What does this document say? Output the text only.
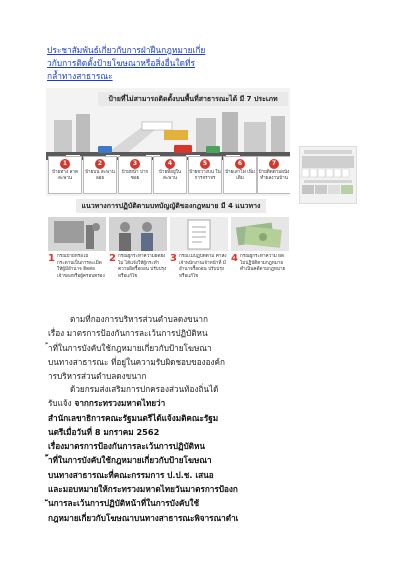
ประชาสัมพันธ์เกี่ยวกับการฝ่าฝืนกฎหมายเกี่ย
วกับการติดตั้งป้ายโฆษณาหรือสิ่งอื่นใดที่ร
กล้ำทางสาธารณะ
ป้ายที่ไม่สามารถติดตั้งบนพื้นที่สาธารณะได้ มี 7 ประเภท
1
ป้ายทาง ลาดสะพาน
2
ป้ายบน สะพานลอย
3
ป้ายหน้า ปากซอย
4
ป้ายที่อยู่ใน สะพาน
5
ป้ายขวางบน ในการจราจร
6
ป้ายเสาไฟ เพิ่มเติม
7
ป้ายติดตามผนัง ทำผลงานบ้าน
แนวทางการปฏิบัติตามบทบัญญัติของกฎหมาย มี 4 แนวทาง
1 กรณีป้ายหรือไม้ กระดานเป็นการละเมิด ให้ผู้มีอำนาจ ติดต่อเจ้าของหรือผู้ครอบครอง
2 กรณีผู้กระทำความผิดยังไม่ ได้แจ้งให้ผู้กระทำความผิดรื้อถอน ปรับปรุงหรือแก้ไข
3 กรณีไม่ปฏิบัติตาม คำสั่ง เจ้าพนักงานเจ้าหน้าที่ มีอำนาจรื้อถอน ปรับปรุงหรือแก้ไข
4 กรณีผู้กระทำความ ผิดไม่ปฏิบัติตามกฎหมาย ดำเนินคดีตามกฎหมาย
ตามที่กองการบริหารส่วนตำบลดงขนาก
เรื่อง มาตรการป้องกันการละเว้นการปฏิบัติหน
้าที่ในการบังคับใช้กฎหมายเกี่ยวกับป้ายโฆษณา
บนทางสาธารณะ ที่อยู่ในความรับผิดชอบขององค์ก
ารบริหารส่วนตำบลดงขนาก
ด้วยกรมส่งเสริมการปกครองส่วนท้องถิ่นได้
รับแจ้ง จากกระทรวงมหาดไทยว่า
สำนักเลขาธิการคณะรัฐมนตรีได้แจ้งมติคณะรัฐม
นตรีเมื่อวันที่ 8 มกราคม 2562
เรื่องมาตรการป้องกันการละเว้นการปฏิบัติหน
้าที่ในการบังคับใช้กฎหมายเกี่ยวกับป้ายโฆษณา
บนทางสาธารณะที่คณะกรรมการ ป.ป.ช. เสนอ
และมอบหมายให้กระทรวงมหาดไทยวันมาตรการป้องก
ันการละเว้นการปฏิบัติหน้าที่ในการบังคับใช้
กฎหมายเกี่ยวกับโฆษณาบนทางสาธารณะพิจารณาดำเ
